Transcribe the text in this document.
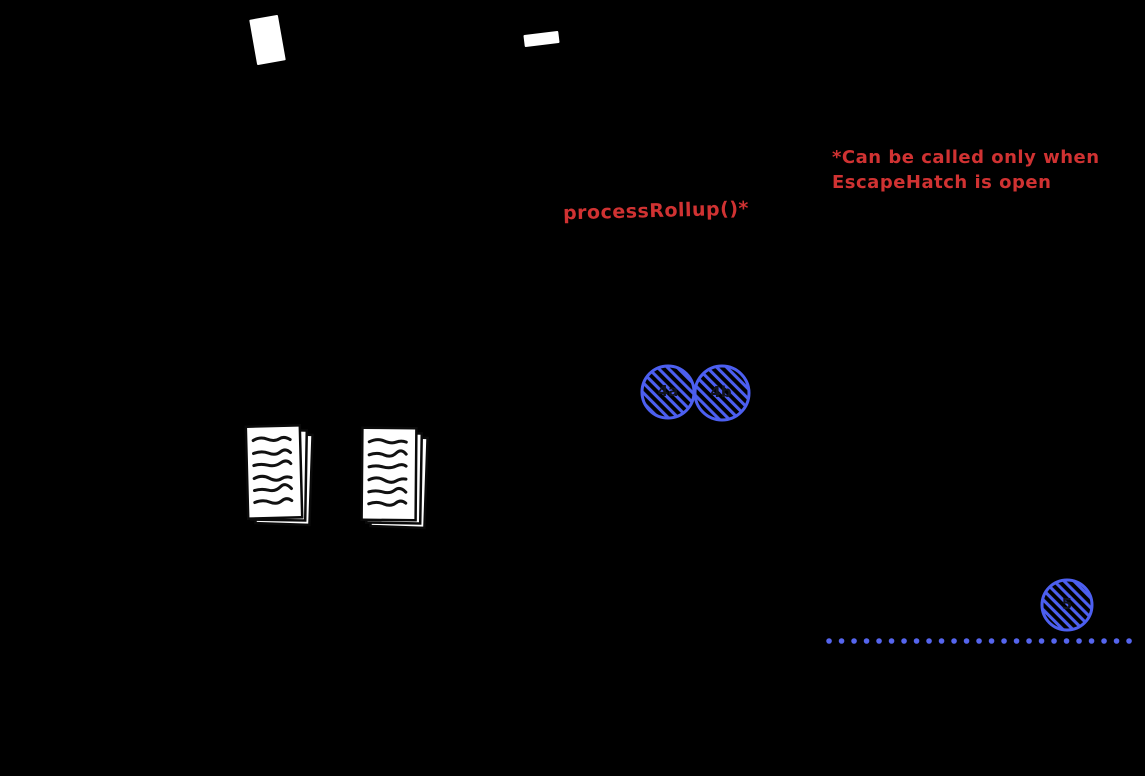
processRollup()*
*Can be called only when
EscapeHatch is open
4a	4b
5
